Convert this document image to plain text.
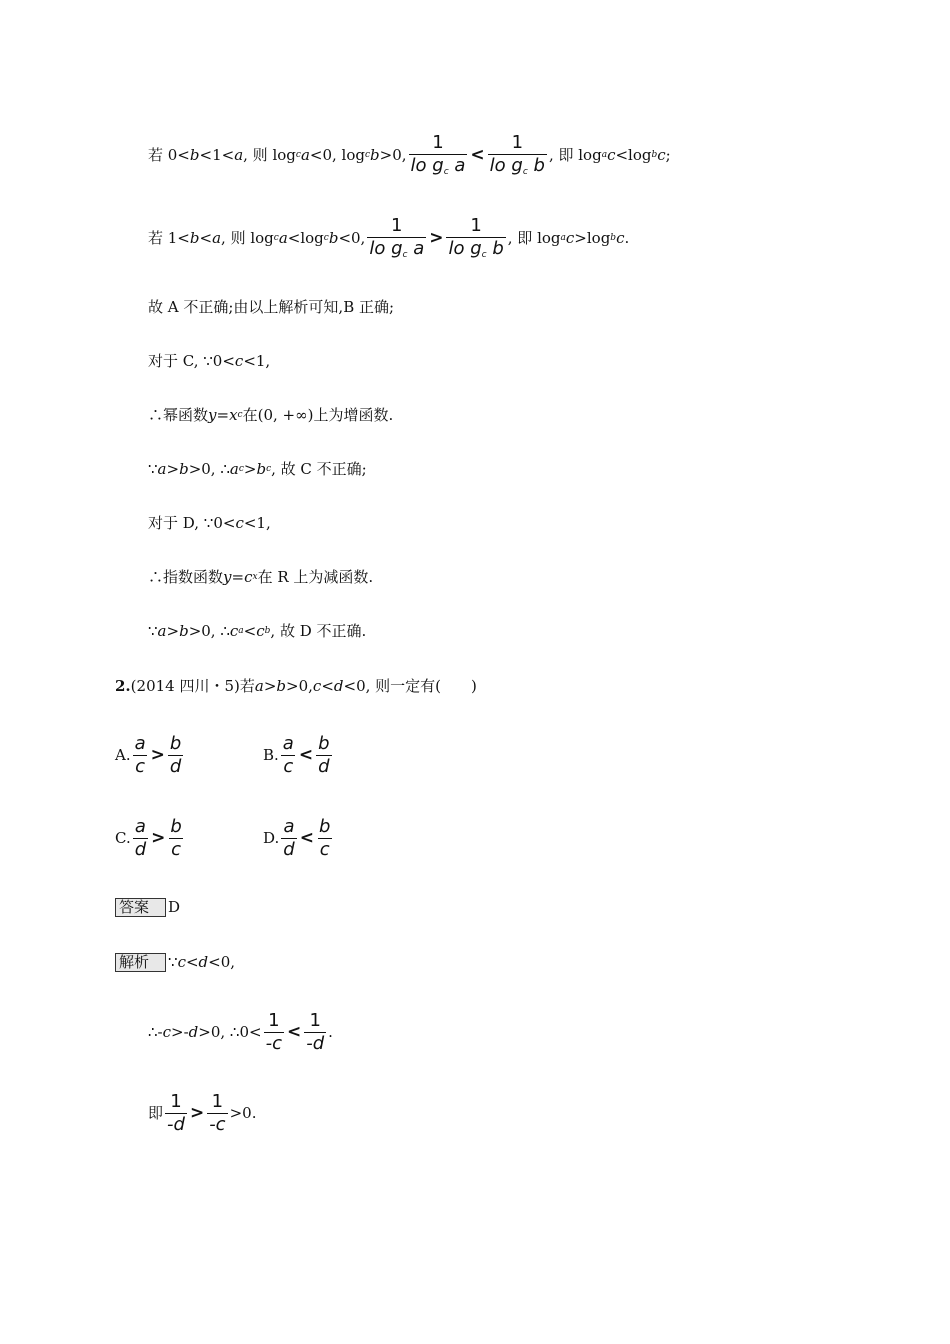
若 0< b <1< a , 则 log c a <0, log c b >0, $\frac{1}{lo g_c a} < \frac{1}{lo g_c b}$ , 即 log a c <log b c ;
若 1< b < a , 则 log c a <log c b <0, $\frac{1}{lo g_c a} > \frac{1}{lo g_c b}$ , 即 log a c >log b c .
故 A 不正确;由以上解析可知,B 正确;
对于 C, ∵0< c <1,
∴幂函数 y = x c 在(0, +∞)上为增函数.
∵ a > b >0, ∴ a c > b c , 故 C 不正确;
对于 D, ∵0< c <1,
∴指数函数 y = c x 在 R 上为减函数.
∵ a > b >0, ∴ c a < c b , 故 D 不正确.
2. (2014 四川・5)若 a > b >0, c < d <0, 则一定有(　　)
A. $\frac{a}{c} > \frac{b}{d}$	B. $\frac{a}{c} < \frac{b}{d}$
C. $\frac{a}{d} > \frac{b}{c}$	D. $\frac{a}{d} < \frac{b}{c}$
答案	D
解析	∵ c < d <0,
∴- c >- d >0, ∴0< $\frac{1}{-c} < \frac{1}{-d}$ .
即 $\frac{1}{-d} > \frac{1}{-c} >0$.
